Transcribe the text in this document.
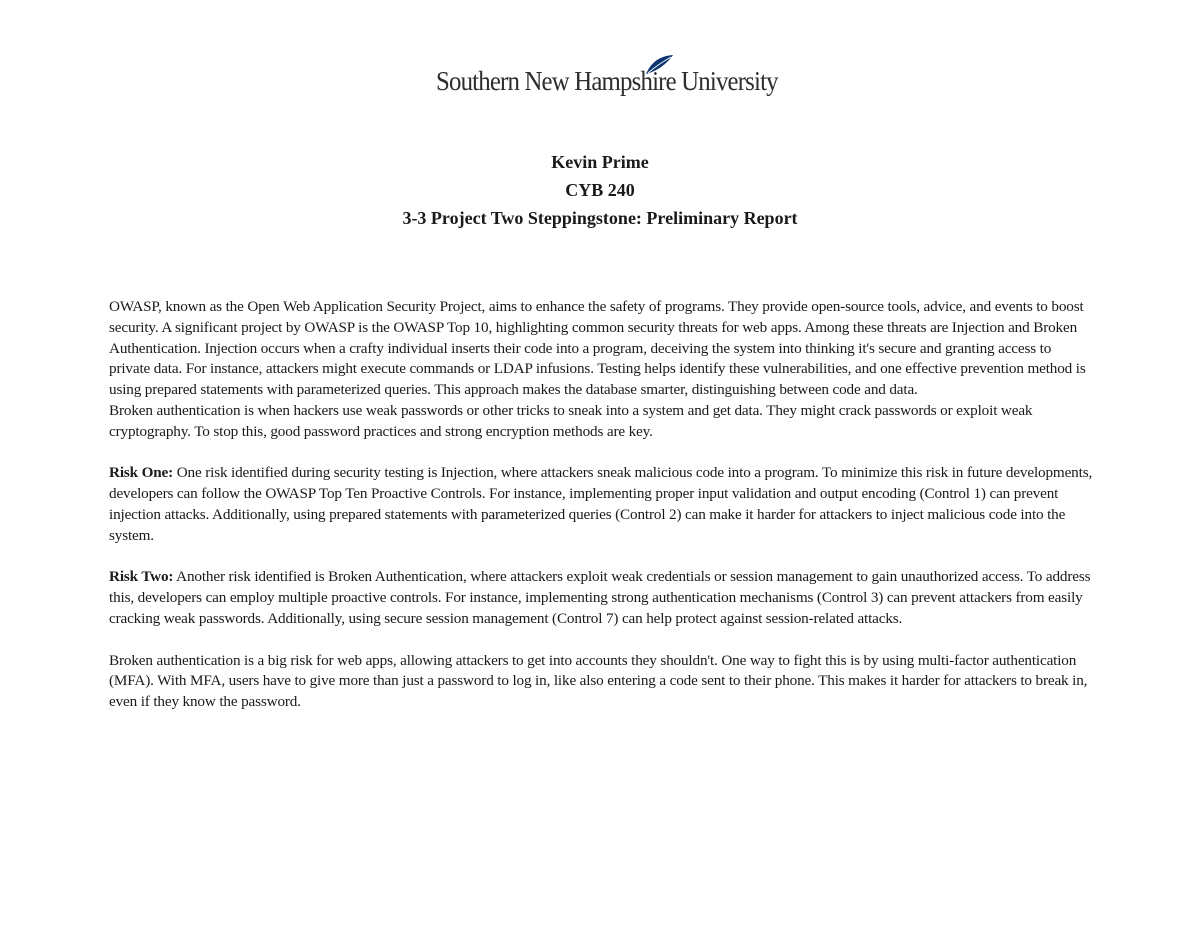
Southern New Hampshire University
Kevin Prime
CYB 240
3-3 Project Two Steppingstone: Preliminary Report

OWASP, known as the Open Web Application Security Project, aims to enhance the safety of programs. They provide open-source tools, advice, and events to boost security. A significant project by OWASP is the OWASP Top 10, highlighting common security threats for web apps. Among these threats are Injection and Broken Authentication. Injection occurs when a crafty individual inserts their code into a program, deceiving the system into thinking it's secure and granting access to private data. For instance, attackers might execute commands or LDAP infusions. Testing helps identify these vulnerabilities, and one effective prevention method is using prepared statements with parameterized queries. This approach makes the database smarter, distinguishing between code and data.

Broken authentication is when hackers use weak passwords or other tricks to sneak into a system and get data. They might crack passwords or exploit weak cryptography. To stop this, good password practices and strong encryption methods are key.

Risk One: One risk identified during security testing is Injection, where attackers sneak malicious code into a program. To minimize this risk in future developments, developers can follow the OWASP Top Ten Proactive Controls. For instance, implementing proper input validation and output encoding (Control 1) can prevent injection attacks. Additionally, using prepared statements with parameterized queries (Control 2) can make it harder for attackers to inject malicious code into the system.

Risk Two: Another risk identified is Broken Authentication, where attackers exploit weak credentials or session management to gain unauthorized access. To address this, developers can employ multiple proactive controls. For instance, implementing strong authentication mechanisms (Control 3) can prevent attackers from easily cracking weak passwords. Additionally, using secure session management (Control 7) can help protect against session-related attacks.

Broken authentication is a big risk for web apps, allowing attackers to get into accounts they shouldn't. One way to fight this is by using multi-factor authentication (MFA). With MFA, users have to give more than just a password to log in, like also entering a code sent to their phone. This makes it harder for attackers to break in, even if they know the password.
